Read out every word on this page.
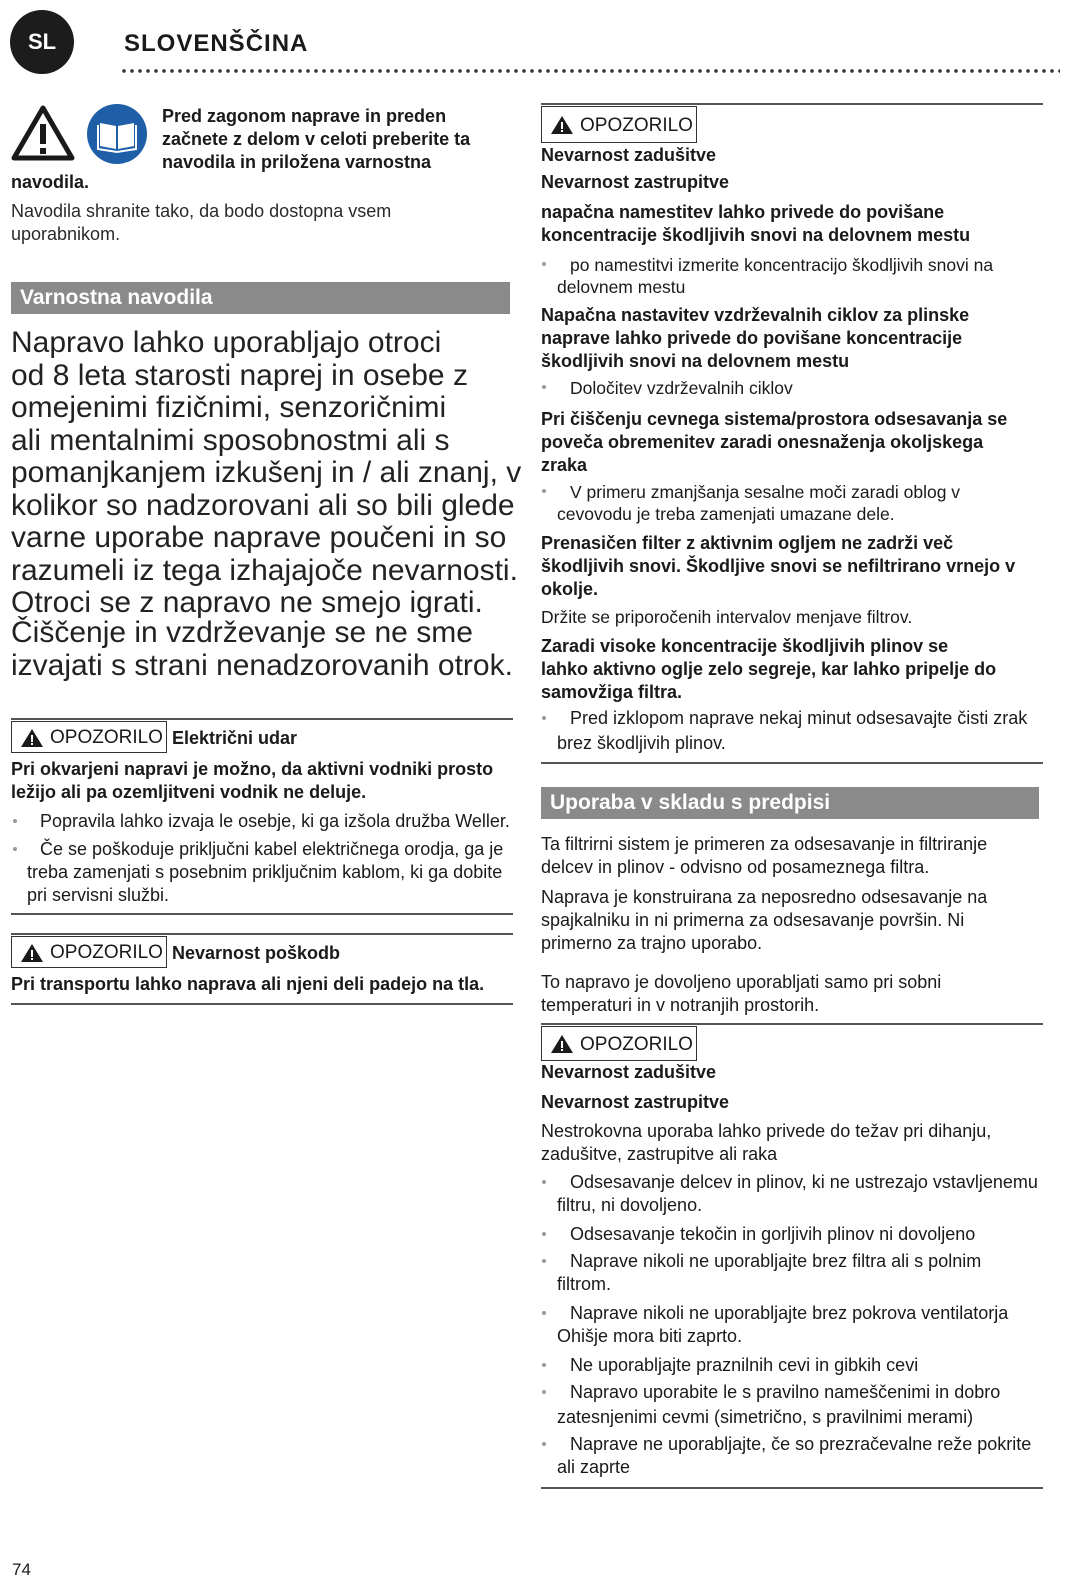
SL	SLOVENŠČINA
Pred zagonom naprave in preden
začnete z delom v celoti preberite ta
navodila in priložena varnostna
navodila.
Navodila shranite tako, da bodo dostopna vsem
uporabnikom.
Varnostna navodila
Napravo lahko uporabljajo otroci
od 8 leta starosti naprej in osebe z
omejenimi fizičnimi, senzoričnimi
ali mentalnimi sposobnostmi ali s
pomanjkanjem izkušenj in / ali znanj, v
kolikor so nadzorovani ali so bili glede
varne uporabe naprave poučeni in so
razumeli iz tega izhajajoče nevarnosti.
Otroci se z napravo ne smejo igrati.
Čiščenje in vzdrževanje se ne sme
izvajati s strani nenadzorovanih otrok.
OPOZORILO Električni udar
Pri okvarjeni napravi je možno, da aktivni vodniki prosto
ležijo ali pa ozemljitveni vodnik ne deluje.
Popravila lahko izvaja le osebje, ki ga izšola družba Weller.
Če se poškoduje priključni kabel električnega orodja, ga je
treba zamenjati s posebnim priključnim kablom, ki ga dobite
pri servisni službi.
OPOZORILO Nevarnost poškodb
Pri transportu lahko naprava ali njeni deli padejo na tla.
OPOZORILO
Nevarnost zadušitve
Nevarnost zastrupitve
napačna namestitev lahko privede do povišane
koncentracije škodljivih snovi na delovnem mestu
po namestitvi izmerite koncentracijo škodljivih snovi na
delovnem mestu
Napačna nastavitev vzdrževalnih ciklov za plinske
naprave lahko privede do povišane koncentracije
škodljivih snovi na delovnem mestu
Določitev vzdrževalnih ciklov
Pri čiščenju cevnega sistema/prostora odsesavanja se
poveča obremenitev zaradi onesnaženja okoljskega
zraka
V primeru zmanjšanja sesalne moči zaradi oblog v
cevovodu je treba zamenjati umazane dele.
Prenasičen filter z aktivnim ogljem ne zadrži več
škodljivih snovi. Škodljive snovi se nefiltrirano vrnejo v
okolje.
Držite se priporočenih intervalov menjave filtrov.
Zaradi visoke koncentracije škodljivih plinov se
lahko aktivno oglje zelo segreje, kar lahko pripelje do
samovžiga filtra.
Pred izklopom naprave nekaj minut odsesavajte čisti zrak
brez škodljivih plinov.
Uporaba v skladu s predpisi
Ta filtrirni sistem je primeren za odsesavanje in filtriranje
delcev in plinov - odvisno od posameznega filtra.
Naprava je konstruirana za neposredno odsesavanje na
spajkalniku in ni primerna za odsesavanje površin. Ni
primerno za trajno uporabo.
To napravo je dovoljeno uporabljati samo pri sobni
temperaturi in v notranjih prostorih.
OPOZORILO
Nevarnost zadušitve
Nevarnost zastrupitve
Nestrokovna uporaba lahko privede do težav pri dihanju,
zadušitve, zastrupitve ali raka
Odsesavanje delcev in plinov, ki ne ustrezajo vstavljenemu
filtru, ni dovoljeno.
Odsesavanje tekočin in gorljivih plinov ni dovoljeno
Naprave nikoli ne uporabljajte brez filtra ali s polnim
filtrom.
Naprave nikoli ne uporabljajte brez pokrova ventilatorja
Ohišje mora biti zaprto.
Ne uporabljajte praznilnih cevi in gibkih cevi
Napravo uporabite le s pravilno nameščenimi in dobro
zatesnjenimi cevmi (simetrično, s pravilnimi merami)
Naprave ne uporabljajte, če so prezračevalne reže pokrite
ali zaprte
74
